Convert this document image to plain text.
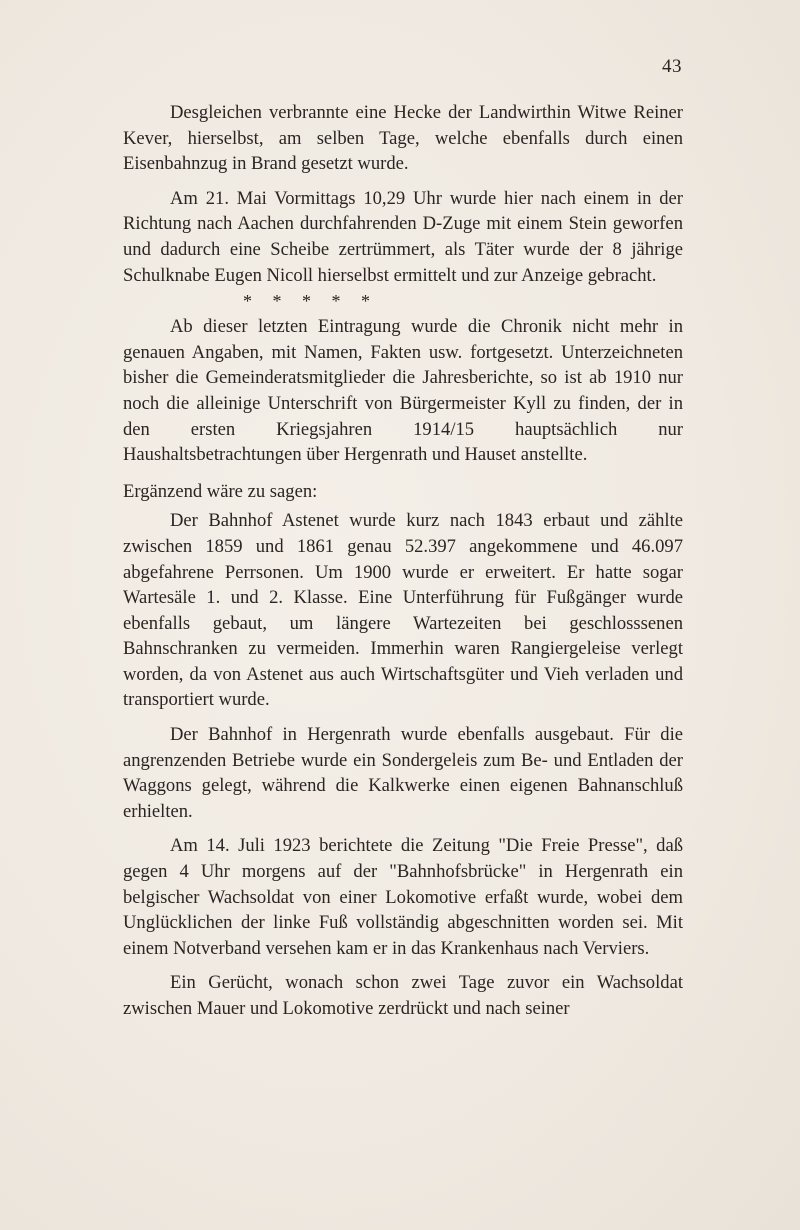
43

Desgleichen verbrannte eine Hecke der Landwirthin Witwe Reiner Kever, hierselbst, am selben Tage, welche ebenfalls durch einen Eisenbahnzug in Brand gesetzt wurde.

Am 21. Mai Vormittags 10,29 Uhr wurde hier nach einem in der Richtung nach Aachen durchfahrenden D-Zuge mit einem Stein geworfen und dadurch eine Scheibe zertrümmert, als Täter wurde der 8 jährige Schulknabe Eugen Nicoll hierselbst ermittelt und zur Anzeige gebracht.

* * * * *

Ab dieser letzten Eintragung wurde die Chronik nicht mehr in genauen Angaben, mit Namen, Fakten usw. fortgesetzt. Unterzeichneten bisher die Gemeinderatsmitglieder die Jahresberichte, so ist ab 1910 nur noch die alleinige Unterschrift von Bürgermeister Kyll zu finden, der in den ersten Kriegsjahren 1914/15 hauptsächlich nur Haushaltsbetrachtungen über Hergenrath und Hauset anstellte.

Ergänzend wäre zu sagen:

Der Bahnhof Astenet wurde kurz nach 1843 erbaut und zählte zwischen 1859 und 1861 genau 52.397 angekommene und 46.097 abgefahrene Perrsonen. Um 1900 wurde er erweitert. Er hatte sogar Wartesäle 1. und 2. Klasse. Eine Unterführung für Fußgänger wurde ebenfalls gebaut, um längere Wartezeiten bei geschlosssenen Bahnschranken zu vermeiden. Immerhin waren Rangiergeleise verlegt worden, da von Astenet aus auch Wirtschaftsgüter und Vieh verladen und transportiert wurde.

Der Bahnhof in Hergenrath wurde ebenfalls ausgebaut. Für die angrenzenden Betriebe wurde ein Sondergeleis zum Be- und Entladen der Waggons gelegt, während die Kalkwerke einen eigenen Bahnanschluß erhielten.

Am 14. Juli 1923 berichtete die Zeitung "Die Freie Presse", daß gegen 4 Uhr morgens auf der "Bahnhofsbrücke" in Hergenrath ein belgischer Wachsoldat von einer Lokomotive erfaßt wurde, wobei dem Unglücklichen der linke Fuß vollständig abgeschnitten worden sei. Mit einem Notverband versehen kam er in das Krankenhaus nach Verviers.

Ein Gerücht, wonach schon zwei Tage zuvor ein Wachsoldat zwischen Mauer und Lokomotive zerdrückt und nach seiner
